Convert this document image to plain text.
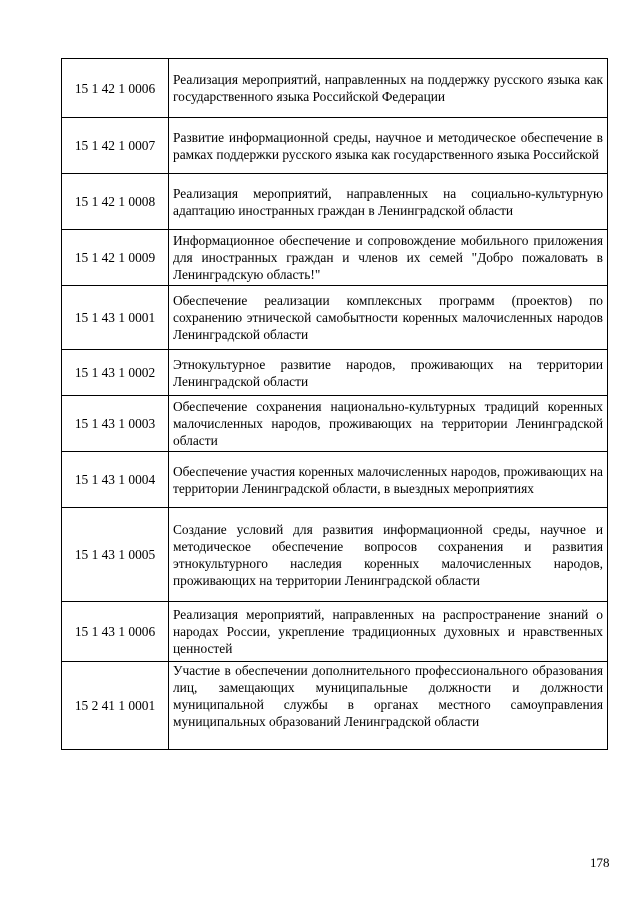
15 1 42 1 0006	Реализация мероприятий, направленных на поддержку русского языка как государственного языка Российской Федерации
15 1 42 1 0007	Развитие информационной среды, научное и методическое обеспечение в рамках поддержки русского языка как государственного языка Российской
15 1 42 1 0008	Реализация мероприятий, направленных на социально-культурную адаптацию иностранных граждан в Ленинградской области
15 1 42 1 0009	Информационное обеспечение и сопровождение мобильного приложения для иностранных граждан и членов их семей "Добро пожаловать в Ленинградскую область!"
15 1 43 1 0001	Обеспечение реализации комплексных программ (проектов) по сохранению этнической самобытности коренных малочисленных народов Ленинградской области
15 1 43 1 0002	Этнокультурное развитие народов, проживающих на территории Ленинградской области
15 1 43 1 0003	Обеспечение сохранения национально-культурных традиций коренных малочисленных народов, проживающих на территории Ленинградской области
15 1 43 1 0004	Обеспечение участия коренных малочисленных народов, проживающих на территории Ленинградской области, в выездных мероприятиях
15 1 43 1 0005	Создание условий для развития информационной среды, научное и методическое обеспечение вопросов сохранения и развития этнокультурного наследия коренных малочисленных народов, проживающих на территории Ленинградской области
15 1 43 1 0006	Реализация мероприятий, направленных на распространение знаний о народах России, укрепление традиционных духовных и нравственных ценностей
15 2 41 1 0001	Участие в обеспечении дополнительного профессионального образования лиц, замещающих муниципальные должности и должности муниципальной службы в органах местного самоуправления муниципальных образований Ленинградской области
178
